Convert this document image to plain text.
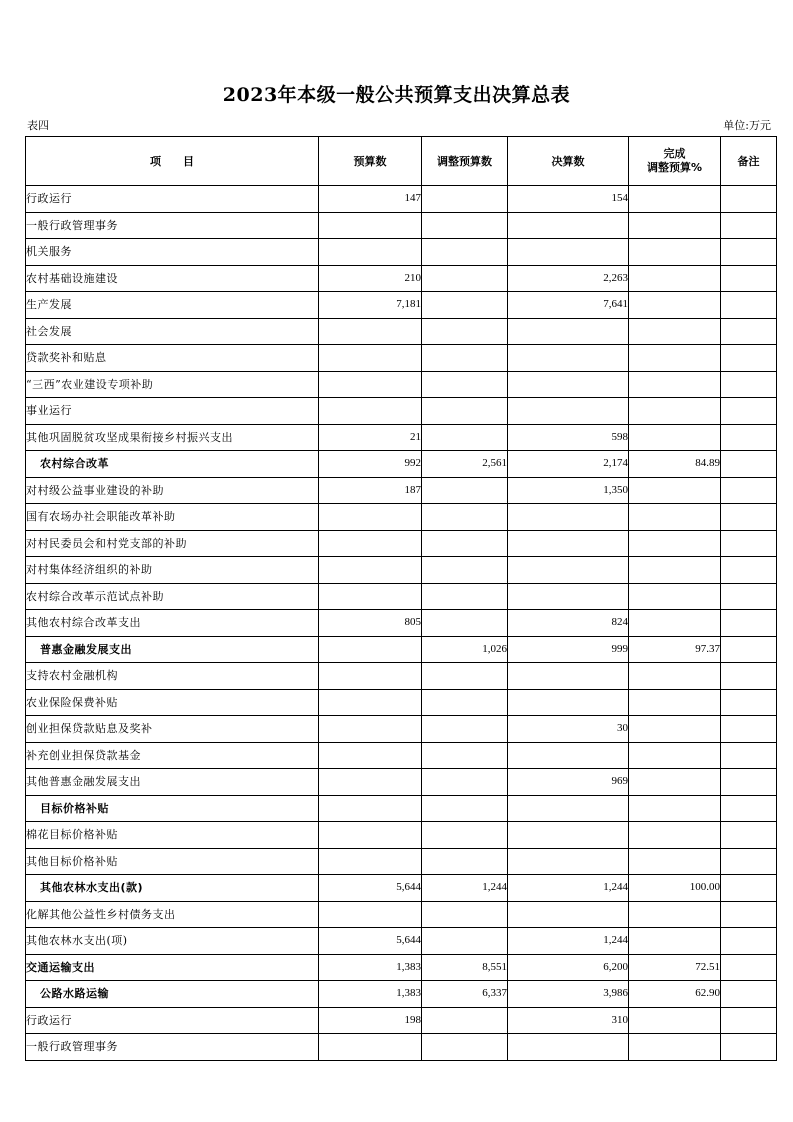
2023年本级一般公共预算支出决算总表
表四	单位:万元
项　　目	预算数	调整预算数	决算数	完成
调整预算%	备注
行政运行	147		154		
一般行政管理事务					
机关服务					
农村基础设施建设	210		2,263		
生产发展	7,181		7,641		
社会发展					
贷款奖补和贴息					
“三西”农业建设专项补助					
事业运行					
其他巩固脱贫攻坚成果衔接乡村振兴支出	21		598		
农村综合改革	992	2,561	2,174	84.89	
对村级公益事业建设的补助	187		1,350		
国有农场办社会职能改革补助					
对村民委员会和村党支部的补助					
对村集体经济组织的补助					
农村综合改革示范试点补助					
其他农村综合改革支出	805		824		
普惠金融发展支出		1,026	999	97.37	
支持农村金融机构					
农业保险保费补贴					
创业担保贷款贴息及奖补			30		
补充创业担保贷款基金					
其他普惠金融发展支出			969		
目标价格补贴					
棉花目标价格补贴					
其他目标价格补贴					
其他农林水支出(款)	5,644	1,244	1,244	100.00	
化解其他公益性乡村债务支出					
其他农林水支出(项)	5,644		1,244		
交通运输支出	1,383	8,551	6,200	72.51	
公路水路运输	1,383	6,337	3,986	62.90	
行政运行	198		310		
一般行政管理事务					
